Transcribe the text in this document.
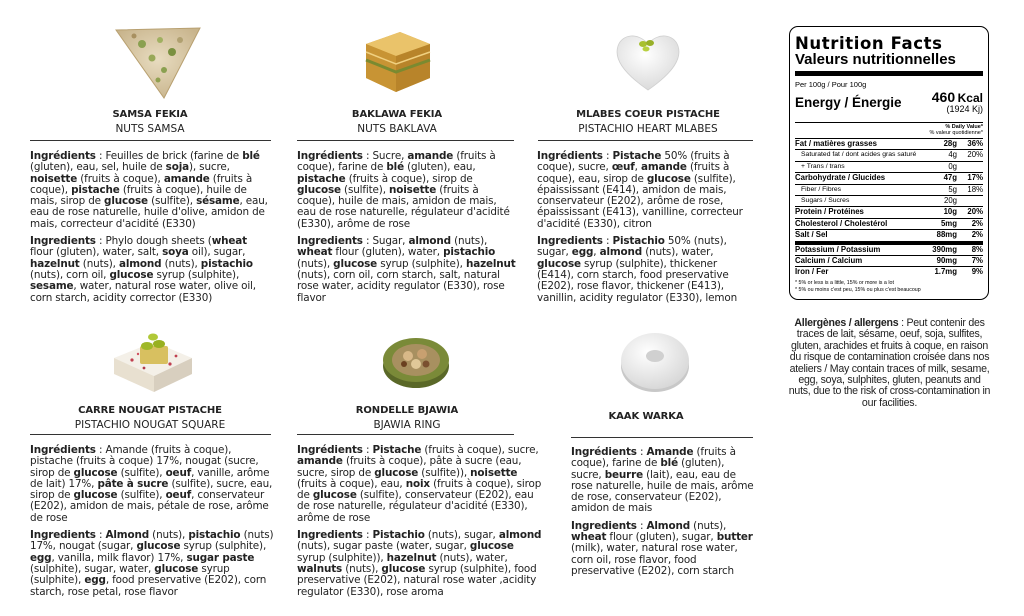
SAMSA FEKIA
NUTS SAMSA

Ingrédients : Feuilles de brick (farine de blé (gluten), eau, sel, huile de soja), sucre, noisette (fruits à coque), amande (fruits à coque), pistache (fruits à coque), huile de mais, sirop de glucose (sulfite), sésame, eau, eau de rose naturelle, huile d'olive, amidon de mais, correcteur d'acidité (E330)

Ingredients : Phylo dough sheets (wheat flour (gluten), water, salt, soya oil), sugar, hazelnut (nuts), almond (nuts), pistachio (nuts), corn oil, glucose syrup (sulphite), sesame, water, natural rose water, olive oil, corn starch, acidity corrector (E330)

BAKLAWA FEKIA
NUTS BAKLAVA

Ingrédients : Sucre, amande (fruits à coque), farine de blé (gluten), eau, pistache (fruits à coque), sirop de glucose (sulfite), noisette (fruits à coque), huile de mais, amidon de mais, eau de rose naturelle, régulateur d'acidité (E330), arôme de rose

Ingredients : Sugar, almond (nuts), wheat flour (gluten), water, pistachio (nuts), glucose syrup (sulphite), hazelnut (nuts), corn oil, corn starch, salt, natural rose water, acidity regulator (E330), rose flavor

MLABES COEUR PISTACHE
PISTACHIO HEART MLABES

Ingrédients : Pistache 50% (fruits à coque), sucre, œuf, amande (fruits à coque), eau, sirop de glucose (sulfite), épaississant (E414), amidon de mais, conservateur (E202), arôme de rose, épaississant (E413), vanilline, correcteur d'acidité (E330), citron

Ingredients : Pistachio 50% (nuts), sugar, egg, almond (nuts), water, glucose syrup (sulphite), thickener (E414), corn starch, food preservative (E202), rose flavor, thickener (E413), vanillin, acidity regulator (E330), lemon

CARRE NOUGAT PISTACHE
PISTACHIO NOUGAT SQUARE

Ingrédients : Amande (fruits à coque), pistache (fruits à coque) 17%, nougat (sucre, sirop de glucose (sulfite), oeuf, vanille, arôme de lait) 17%, pâte à sucre (sulfite), sucre, eau, sirop de glucose (sulfite), oeuf, conservateur (E202), amidon de mais, pétale de rose, arôme de rose

Ingredients : Almond (nuts), pistachio (nuts) 17%, nougat (sugar, glucose syrup (sulphite), egg, vanilla, milk flavor) 17%, sugar paste (sulphite), sugar, water, glucose syrup (sulphite), egg, food preservative (E202), corn starch, rose petal, rose flavor

RONDELLE BJAWIA
BJAWIA RING

Ingrédients : Pistache (fruits à coque), sucre, amande (fruits à coque), pâte à sucre (eau, sucre, sirop de glucose (sulfite)), noisette (fruits à coque), eau, noix (fruits à coque), sirop de glucose (sulfite), conservateur (E202), eau de rose naturelle, régulateur d'acidité (E330), arôme de rose

Ingredients : Pistachio (nuts), sugar, almond (nuts), sugar paste (water, sugar, glucose syrup (sulphite)), hazelnut (nuts), water, walnuts (nuts), glucose syrup (sulphite), food preservative (E202), natural rose water ,acidity regulator (E330), rose aroma

KAAK WARKA

Ingrédients : Amande (fruits à coque), farine de blé (gluten), sucre, beurre (lait), eau, eau de rose naturelle, huile de mais, arôme de rose, conservateur (E202), amidon de mais

Ingredients : Almond (nuts), wheat flour (gluten), sugar, butter (milk), water, natural rose water, corn oil, rose flavor, food preservative (E202), corn starch

Nutrition Facts
Valeurs nutritionnelles
Per 100g / Pour 100g
Energy / Énergie 460 Kcal
(1924 Kj)
% Daily Value*
% valeur quotidienne*
Fat / matières grasses	28g	36%
Saturated fat / dont acides gras saturé	4g	20%
+ Trans / trans	0g
Carbohydrate / Glucides	47g	17%
Fiber / Fibres	5g	18%
Sugars / Sucres	20g
Protein / Protéines	10g	20%
Cholesterol / Cholestérol	5mg	2%
Salt / Sel	88mg	2%
Potassium / Potassium	390mg	8%
Calcium / Calcium	90mg	7%
Iron / Fer	1.7mg	9%
* 5% or less is a little, 15% or more is a lot
* 5% ou moins c'est peu, 15% ou plus c'est beaucoup
Allergènes / allergens : Peut contenir des traces de lait, sésame, oeuf, soja, sulfites, gluten, arachides et fruits à coque, en raison du risque de contamination croisée dans nos ateliers / May contain traces of milk, sesame, egg, soya, sulphites, gluten, peanuts and nuts, due to the risk of cross-contamination in our facilities.
